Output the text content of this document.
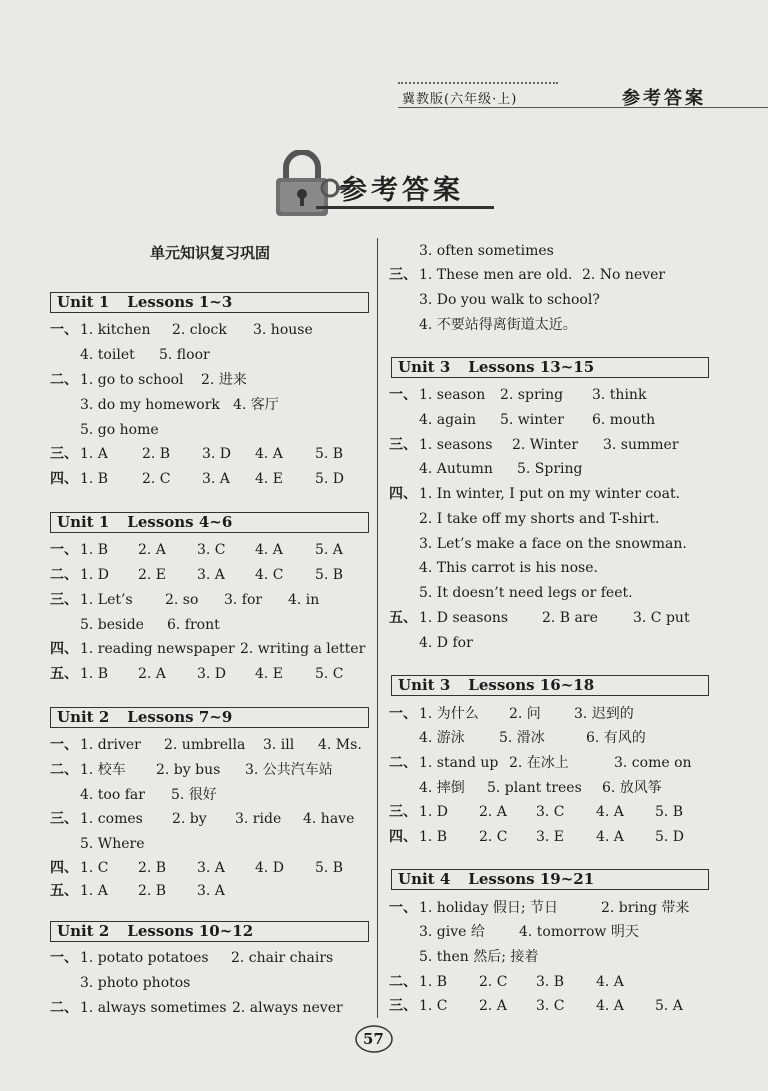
冀教版(六年级·上)	参考答案
参考答案
单元知识复习巩固
Unit 1 Lessons 1~3
一、 1. kitchen 2. clock 3. house
4. toilet 5. floor
二、 1. go to school 2. 进来
3. do my homework 4. 客厅
5. go home
三、 1. A 2. B 3. D 4. A 5. B
四、 1. B 2. C 3. A 4. E 5. D
Unit 1 Lessons 4~6
一、 1. B 2. A 3. C 4. A 5. A
二、 1. D 2. E 3. A 4. C 5. B
三、 1. Let’s 2. so 3. for 4. in
5. beside 6. front
四、 1. reading newspaper 2. writing a letter
五、 1. B 2. A 3. D 4. E 5. C
Unit 2 Lessons 7~9
一、 1. driver 2. umbrella 3. ill 4. Ms.
二、 1. 校车 2. by bus 3. 公共汽车站
4. too far 5. 很好
三、 1. comes 2. by 3. ride 4. have
5. Where
四、 1. C 2. B 3. A 4. D 5. B
五、 1. A 2. B 3. A
Unit 2 Lessons 10~12
一、 1. potato potatoes 2. chair chairs
3. photo photos
二、 1. always sometimes 2. always never
3. often sometimes
三、 1. These men are old. 2. No never
3. Do you walk to school?
4. 不要站得离街道太近。
Unit 3 Lessons 13~15
一、 1. season 2. spring 3. think
4. again 5. winter 6. mouth
三、 1. seasons 2. Winter 3. summer
4. Autumn 5. Spring
四、 1. In winter, I put on my winter coat.
2. I take off my shorts and T-shirt.
3. Let’s make a face on the snowman.
4. This carrot is his nose.
5. It doesn’t need legs or feet.
五、 1. D seasons 2. B are	3. C put
4. D for
Unit 3 Lessons 16~18
一、 1. 为什么 2. 问 3. 迟到的
4. 游泳 5. 滑冰	6. 有风的
二、 1. stand up 2. 在冰上	3. come on
4. 摔倒 5. plant trees 6. 放风筝
三、 1. D 2. A 3. C 4. A 5. B
四、 1. B 2. C 3. E 4. A 5. D
Unit 4 Lessons 19~21
一、 1. holiday 假日; 节日	2. bring 带来
3. give 给 4. tomorrow 明天
5. then 然后; 接着
二、 1. B 2. C 3. B 4. A
三、 1. C 2. A 3. C 4. A 5. A
57
